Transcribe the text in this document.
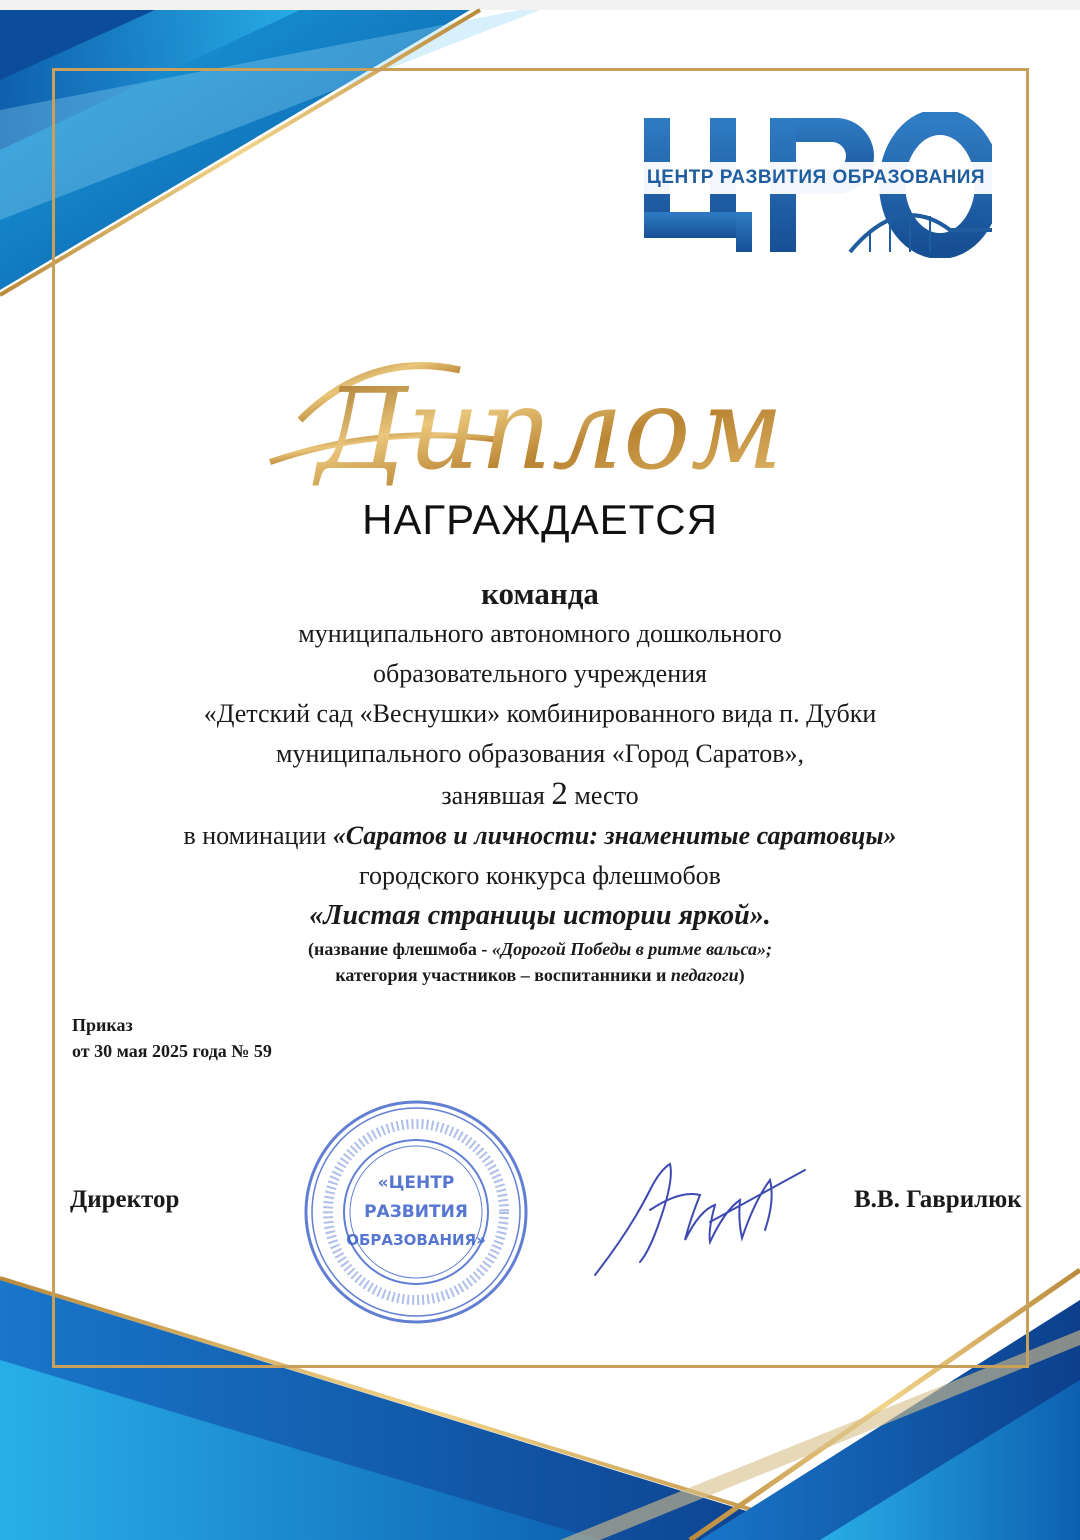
ЦЕНТР РАЗВИТИЯ ОБРАЗОВАНИЯ
Диплом
НАГРАЖДАЕТСЯ
команда
муниципального автономного дошкольного
образовательного учреждения
«Детский сад «Веснушки» комбинированного вида п. Дубки
муниципального образования «Город Саратов»,
занявшая 2 место
в номинации «Саратов и личности: знаменитые саратовцы»
городского конкурса флешмобов
«Листая страницы истории яркой».
(название флешмоба - «Дорогой Победы в ритме вальса»;
категория участников – воспитанники и педагоги)
Приказ
от 30 мая 2025 года № 59
Директор	В.В. Гаврилюк
«ЦЕНТР
РАЗВИТИЯ
ОБРАЗОВАНИЯ»
